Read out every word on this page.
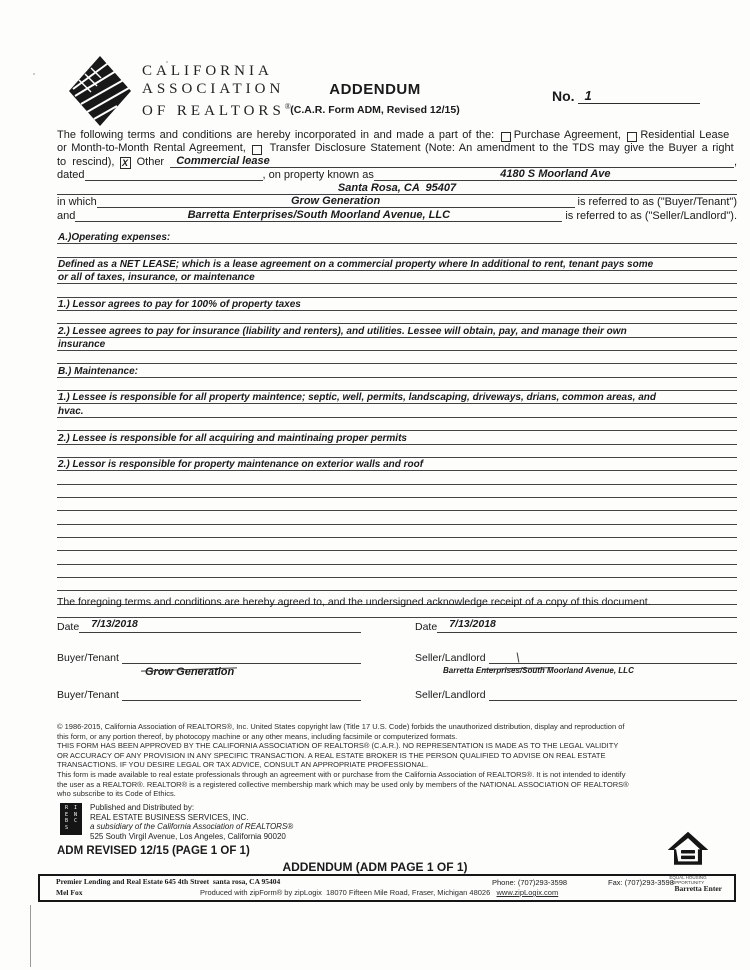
CALIFORNIA
ASSOCIATION
OF REALTORS®
ADDENDUM
(C.A.R. Form ADM, Revised 12/15)
No. 1
The following terms and conditions are hereby incorporated in and made a part of the: Purchase Agreement, Residential Lease
or Month-to-Month Rental Agreement, Transfer Disclosure Statement (Note: An amendment to the TDS may give the Buyer a right
to  rescind), X Other Commercial lease	,
dated	, on property known as	4180 S Moorland Ave
Santa Rosa, CA  95407
in which	Grow Generation	is referred to as ("Buyer/Tenant")
and	Barretta Enterprises/South Moorland Avenue, LLC	is referred to as ("Seller/Landlord").
A.)Operating expenses:
Defined as a NET LEASE; which is a lease agreement on a commercial property where In additional to rent, tenant pays some
or all of taxes, insurance, or maintenance
1.) Lessor agrees to pay for 100% of property taxes
2.) Lessee agrees to pay for insurance (liability and renters), and utilities. Lessee will obtain, pay, and manage their own
insurance
B.) Maintenance:
1.) Lessee is responsible for all property maintence; septic, well, permits, landscaping, driveways, drians, common areas, and
hvac.
2.) Lessee is responsible for all acquiring and maintinaing proper permits
2.) Lessor is responsible for property maintenance on exterior walls and roof
The foregoing terms and conditions are hereby agreed to, and the undersigned acknowledge receipt of a copy of this document.
Date	7/13/2018	Date	7/13/2018
Buyer/Tenant	Seller/Landlord
Grow Generation	Barretta Enterprises/South Moorland Avenue, LLC
Buyer/Tenant	Seller/Landlord
© 1986-2015, California Association of REALTORS®, Inc. United States copyright law (Title 17 U.S. Code) forbids the unauthorized distribution, display and reproduction of
this form, or any portion thereof, by photocopy machine or any other means, including facsimile or computerized formats.
THIS FORM HAS BEEN APPROVED BY THE CALIFORNIA ASSOCIATION OF REALTORS® (C.A.R.). NO REPRESENTATION IS MADE AS TO THE LEGAL VALIDITY
OR ACCURACY OF ANY PROVISION IN ANY SPECIFIC TRANSACTION. A REAL ESTATE BROKER IS THE PERSON QUALIFIED TO ADVISE ON REAL ESTATE
TRANSACTIONS. IF YOU DESIRE LEGAL OR TAX ADVICE, CONSULT AN APPROPRIATE PROFESSIONAL.
This form is made available to real estate professionals through an agreement with or purchase from the California Association of REALTORS®. It is not intended to identify
the user as a REALTOR®. REALTOR® is a registered collective membership mark which may be used only by members of the NATIONAL ASSOCIATION OF REALTORS®
who subscribe to its Code of Ethics.
R E B S
I N C
Published and Distributed by:
REAL ESTATE BUSINESS SERVICES, INC.
a subsidiary of the California Association of REALTORS®
525 South Virgil Avenue, Los Angeles, California 90020
ADM REVISED 12/15 (PAGE 1 OF 1)
EQUAL HOUSING
OPPORTUNITY
ADDENDUM (ADM PAGE 1 OF 1)
Premier Lending and Real Estate 645 4th Street  santa rosa, CA 95404
Mel Fox
Phone: (707)293-3598	Fax: (707)293-3598
Barretta Enter
Produced with zipForm® by zipLogix  18070 Fifteen Mile Road, Fraser, Michigan 48026   www.zipLogix.com
